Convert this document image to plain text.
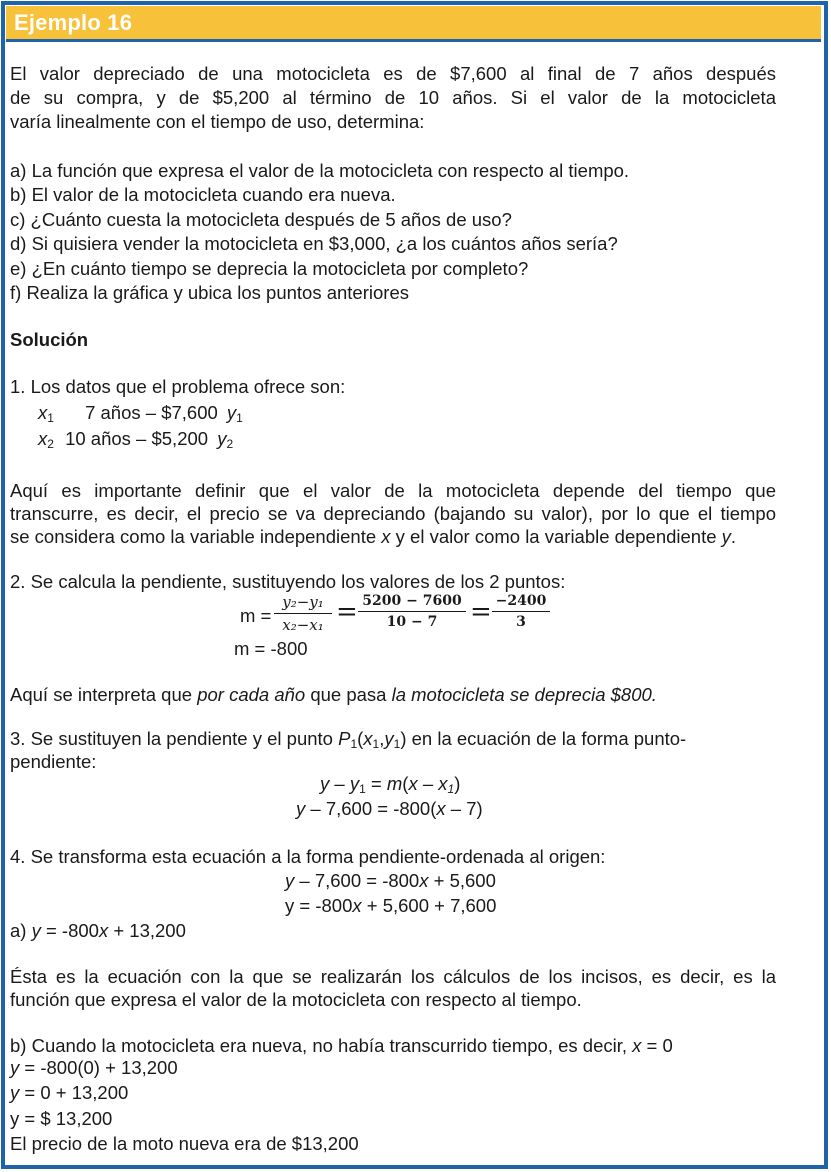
Ejemplo 16
El valor depreciado de una motocicleta es de $7,600 al final de 7 años después
de su compra, y de $5,200 al término de 10 años. Si el valor de la motocicleta
varía linealmente con el tiempo de uso, determina:
a) La función que expresa el valor de la motocicleta con respecto al tiempo.
b) El valor de la motocicleta cuando era nueva.
c) ¿Cuánto cuesta la motocicleta después de 5 años de uso?
d) Si quisiera vender la motocicleta en $3,000, ¿a los cuántos años sería?
e) ¿En cuánto tiempo se deprecia la motocicleta por completo?
f) Realiza la gráfica y ubica los puntos anteriores
Solución
1. Los datos que el problema ofrece son:
$x_1$ 7 años – $7,600 $y_1$
$x_2$ 10 años – $5,200 $y_2$
Aquí es importante definir que el valor de la motocicleta depende del tiempo que
transcurre, es decir, el precio se va depreciando (bajando su valor), por lo que el tiempo
se considera como la variable independiente x y el valor como la variable dependiente y.
2. Se calcula la pendiente, sustituyendo los valores de los 2 puntos:
m =
y₂−y₁
x₂−x₁ = 5200 − 7600
10 − 7	= −2400
3
m = -800
Aquí se interpreta que por cada año que pasa la motocicleta se deprecia $800.
3. Se sustituyen la pendiente y el punto $P_1(x_1,y_1)$ en la ecuación de la forma punto-
pendiente:
$y - y_1 = m(x - x_1)$
y – 7,600 = -800(x – 7)
4. Se transforma esta ecuación a la forma pendiente-ordenada al origen:
y – 7,600 = -800x + 5,600
y = -800x + 5,600 + 7,600
a) y = -800x + 13,200
Ésta es la ecuación con la que se realizarán los cálculos de los incisos, es decir, es la
función que expresa el valor de la motocicleta con respecto al tiempo.
b) Cuando la motocicleta era nueva, no había transcurrido tiempo, es decir, x = 0
y = -800(0) + 13,200
y = 0 + 13,200
y = $ 13,200
El precio de la moto nueva era de $13,200
